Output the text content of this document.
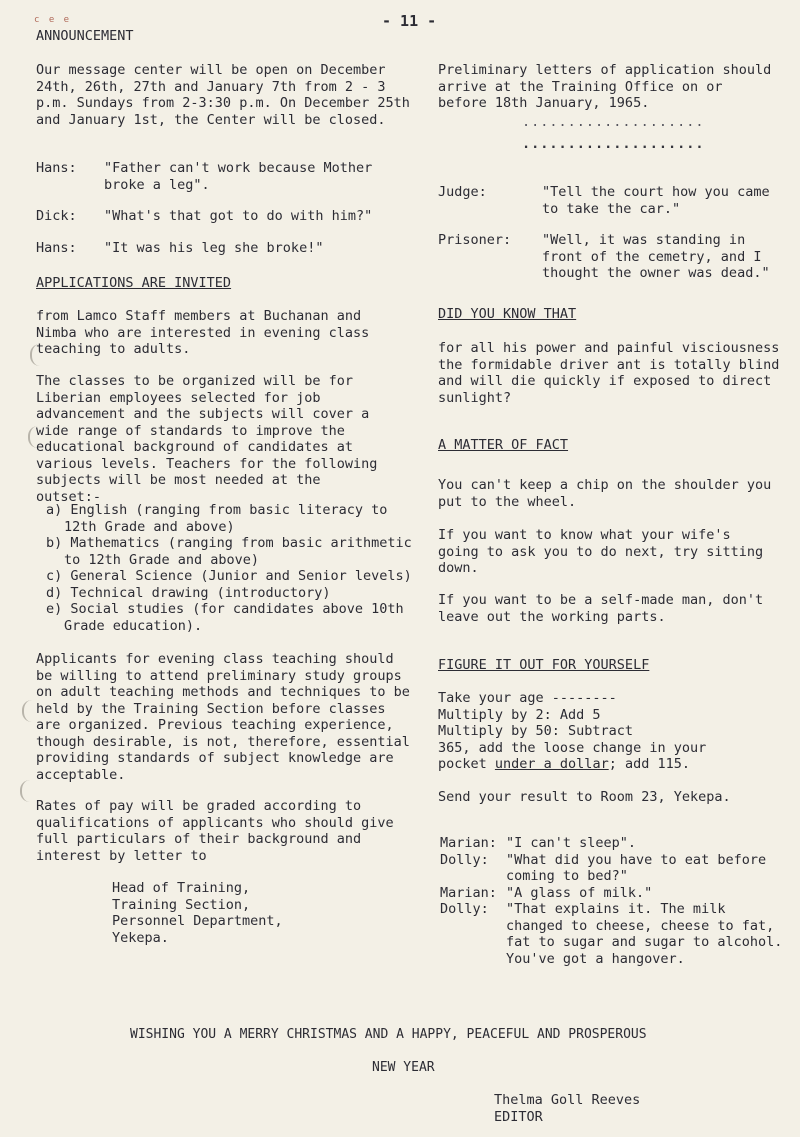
c e e	- 11 -
ANNOUNCEMENT
Our message center will be open on December 24th, 26th, 27th and January 7th from 2 - 3 p.m. Sundays from 2-3:30 p.m. On December 25th and January 1st, the Center will be closed.
Hans:	"Father can't work because Mother broke a leg".
Dick:	"What's that got to do with him?"
Hans:	"It was his leg she broke!"
APPLICATIONS ARE INVITED
from Lamco Staff members at Buchanan and Nimba who are interested in evening class teaching to adults.
The classes to be organized will be for Liberian employees selected for job advancement and the subjects will cover a wide range of standards to improve the educational background of candidates at various levels. Teachers for the following subjects will be most needed at the outset:-
a) English (ranging from basic literacy to 12th Grade and above)
b) Mathematics (ranging from basic arithmetic to 12th Grade and above)
c) General Science (Junior and Senior levels)
d) Technical drawing (introductory)
e) Social studies (for candidates above 10th Grade education).
Applicants for evening class teaching should be willing to attend preliminary study groups on adult teaching methods and techniques to be held by the Training Section before classes are organized. Previous teaching experience, though desirable, is not, therefore, essential providing standards of subject knowledge are acceptable.
Rates of pay will be graded according to qualifications of applicants who should give full particulars of their background and interest by letter to
Head of Training,
Training Section,
Personnel Department,
Yekepa.
Preliminary letters of application should arrive at the Training Office on or before 18th January, 1965.
....................
....................
Judge:	"Tell the court how you came to take the car."
Prisoner:	"Well, it was standing in front of the cemetry, and I thought the owner was dead."
DID YOU KNOW THAT
for all his power and painful visciousness the formidable driver ant is totally blind and will die quickly if exposed to direct sunlight?
A MATTER OF FACT
You can't keep a chip on the shoulder you put to the wheel.
If you want to know what your wife's going to ask you to do next, try sitting down.
If you want to be a self-made man, don't leave out the working parts.
FIGURE IT OUT FOR YOURSELF
Take your age --------
Multiply by 2: Add 5
Multiply by 50: Subtract
365, add the loose change in your
pocket under a dollar; add 115.
Send your result to Room 23, Yekepa.
Marian: "I can't sleep".
Dolly:	"What did you have to eat before coming to bed?"
Marian: "A glass of milk."
Dolly:	"That explains it. The milk changed to cheese, cheese to fat, fat to sugar and sugar to alcohol. You've got a hangover.
WISHING YOU A MERRY CHRISTMAS AND A HAPPY, PEACEFUL AND PROSPEROUS
NEW YEAR
Thelma Goll Reeves
EDITOR
